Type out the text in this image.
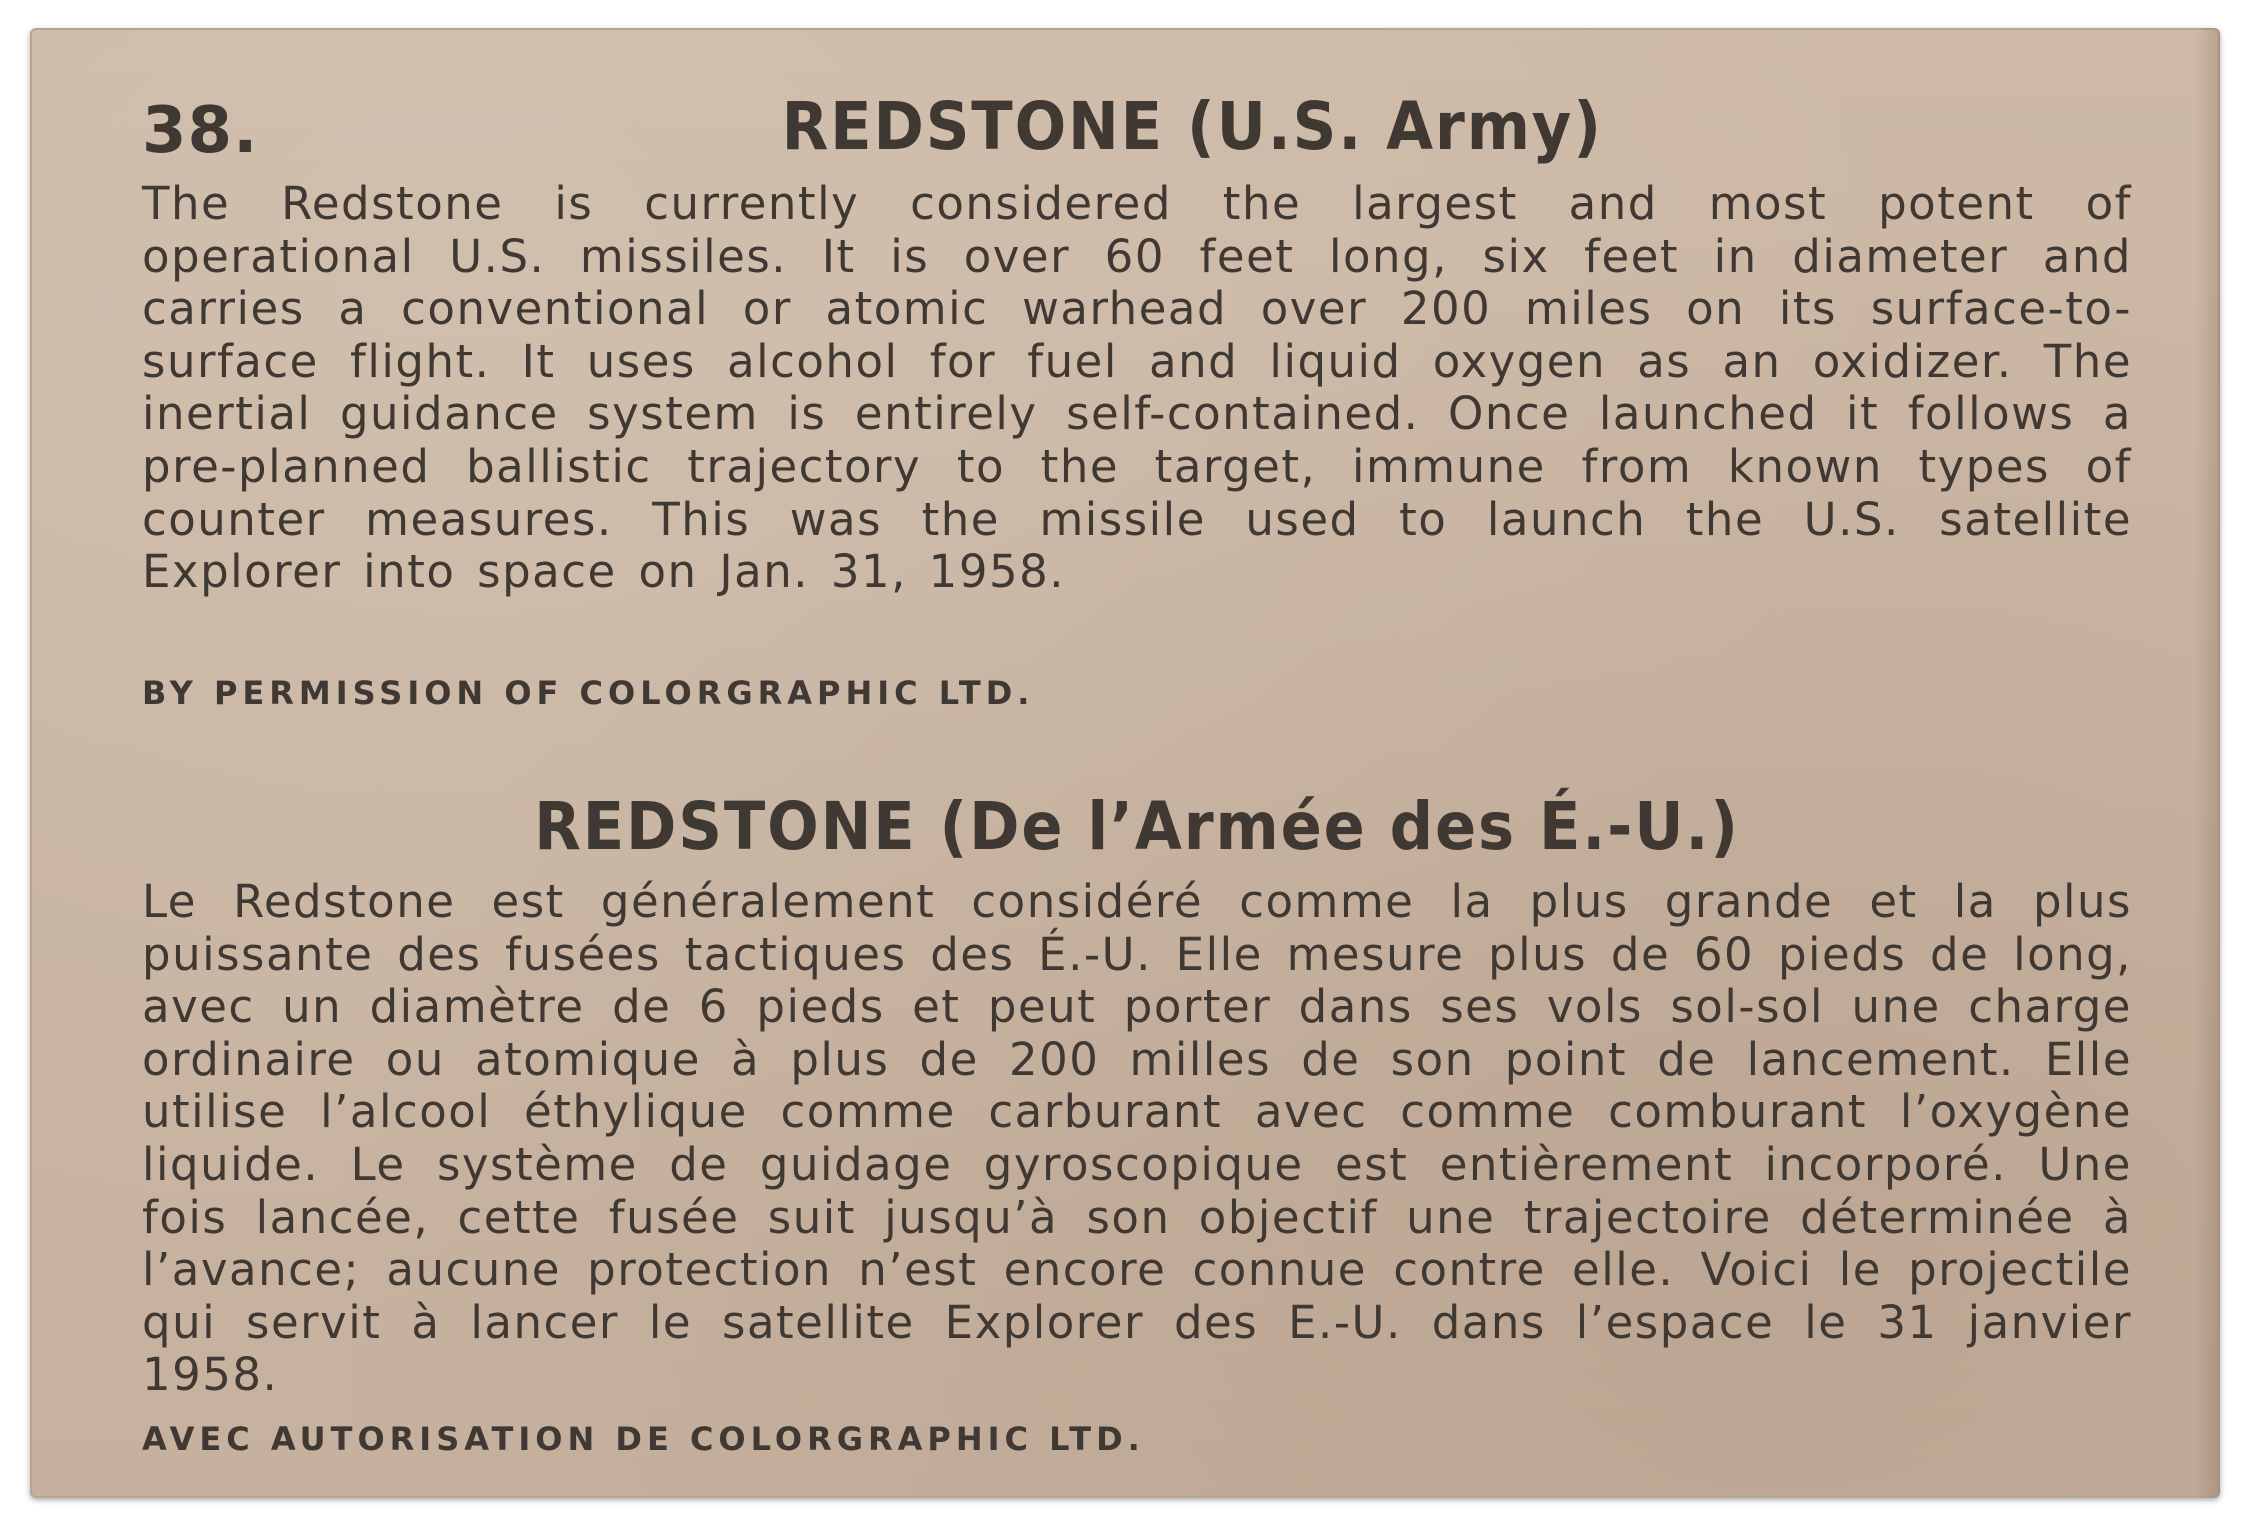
38.	REDSTONE (U.S. Army)
The Redstone is currently considered the largest and most potent of operational U.S. missiles. It is over 60 feet long, six feet in diameter and carries a conventional or atomic warhead over 200 miles on its surface-to-surface flight. It uses alcohol for fuel and liquid oxygen as an oxidizer. The inertial guidance system is entirely self-contained. Once launched it follows a pre-planned ballistic trajectory to the target, immune from known types of counter measures. This was the missile used to launch the U.S. satellite Explorer into space on Jan. 31, 1958.
BY PERMISSION OF COLORGRAPHIC LTD.
REDSTONE (De l’Armée des É.-U.)
Le Redstone est généralement considéré comme la plus grande et la plus puissante des fusées tactiques des É.-U. Elle mesure plus de 60 pieds de long, avec un diamètre de 6 pieds et peut porter dans ses vols sol-sol une charge ordinaire ou atomique à plus de 200 milles de son point de lancement. Elle utilise l’alcool éthylique comme carburant avec comme comburant l’oxygène liquide. Le système de guidage gyroscopique est entièrement incorporé. Une fois lancée, cette fusée suit jusqu’à son objectif une trajectoire déterminée à l’avance; aucune protection n’est encore connue contre elle. Voici le projectile qui servit à lancer le satellite Explorer des E.-U. dans l’espace le 31 janvier 1958.
AVEC AUTORISATION DE COLORGRAPHIC LTD.
